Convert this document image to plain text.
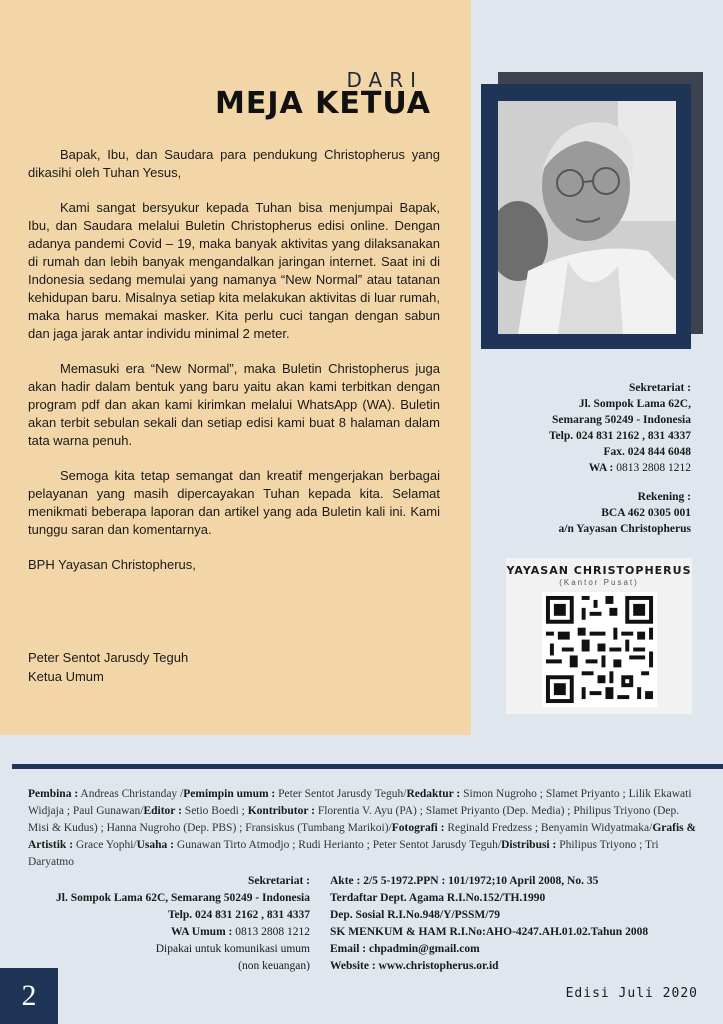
DARI
MEJA KETUA

Bapak, Ibu, dan Saudara para pendukung Christopherus yang dikasihi oleh Tuhan Yesus,

Kami sangat bersyukur kepada Tuhan bisa menjumpai Bapak, Ibu, dan Saudara melalui Buletin Christopherus edisi online. Dengan adanya pandemi Covid – 19, maka banyak aktivitas yang dilaksanakan di rumah dan lebih banyak mengandalkan jaringan internet. Saat ini di Indonesia sedang memulai yang namanya “New Normal” atau tatanan kehidupan baru. Misalnya setiap kita melakukan aktivitas di luar rumah, maka harus memakai masker. Kita perlu cuci tangan dengan sabun dan jaga jarak antar individu minimal 2 meter.

Memasuki era “New Normal”, maka Buletin Christopherus juga akan hadir dalam bentuk yang baru yaitu akan kami terbitkan dengan program pdf dan akan kami kirimkan melalui WhatsApp (WA). Buletin akan terbit sebulan sekali dan setiap edisi kami buat 8 halaman dalam tata warna penuh.

Semoga kita tetap semangat dan kreatif mengerjakan berbagai pelayanan yang masih dipercayakan Tuhan kepada kita. Selamat menikmati beberapa laporan dan artikel yang ada Buletin kali ini. Kami tunggu saran dan komentarnya.

BPH Yayasan Christopherus,

Peter Sentot Jarusdy Teguh
Ketua Umum
Sekretariat :
Jl. Sompok Lama 62C,
Semarang 50249 - Indonesia
Telp. 024 831 2162 , 831 4337
Fax. 024 844 6048
WA : 0813 2808 1212
Rekening :
BCA 462 0305 001
a/n Yayasan Christopherus
YAYASAN CHRISTOPHERUS
(Kantor Pusat)
Pembina : Andreas Christanday /Pemimpin umum : Peter Sentot Jarusdy Teguh/Redaktur : Simon Nugroho ; Slamet Priyanto ; Lilik Ekawati Widjaja ; Paul Gunawan/Editor : Setio Boedi ; Kontributor : Florentia V. Ayu (PA) ; Slamet Priyanto (Dep. Media) ; Philipus Triyono (Dep. Misi & Kudus) ; Hanna Nugroho (Dep. PBS) ; Fransiskus (Tumbang Marikoi)/Fotografi : Reginald Fredzess ; Benyamin Widyatmaka/Grafis & Artistik : Grace Yophi/Usaha : Gunawan Tirto Atmodjo ; Rudi Herianto ; Peter Sentot Jarusdy Teguh/Distribusi : Philipus Triyono ; Tri Daryatmo
Sekretariat :
Jl. Sompok Lama 62C, Semarang 50249 - Indonesia
Telp. 024 831 2162 , 831 4337
WA Umum : 0813 2808 1212
Dipakai untuk komunikasi umum
(non keuangan)
Akte : 2/5 5-1972.PPN : 101/1972;10 April 2008, No. 35
Terdaftar Dept. Agama R.I.No.152/TH.1990
Dep. Sosial R.I.No.948/Y/PSSM/79
SK MENKUM & HAM R.I.No:AHO-4247.AH.01.02.Tahun 2008
Email : chpadmin@gmail.com
Website : www.christopherus.or.id
2	Edisi Juli 2020
